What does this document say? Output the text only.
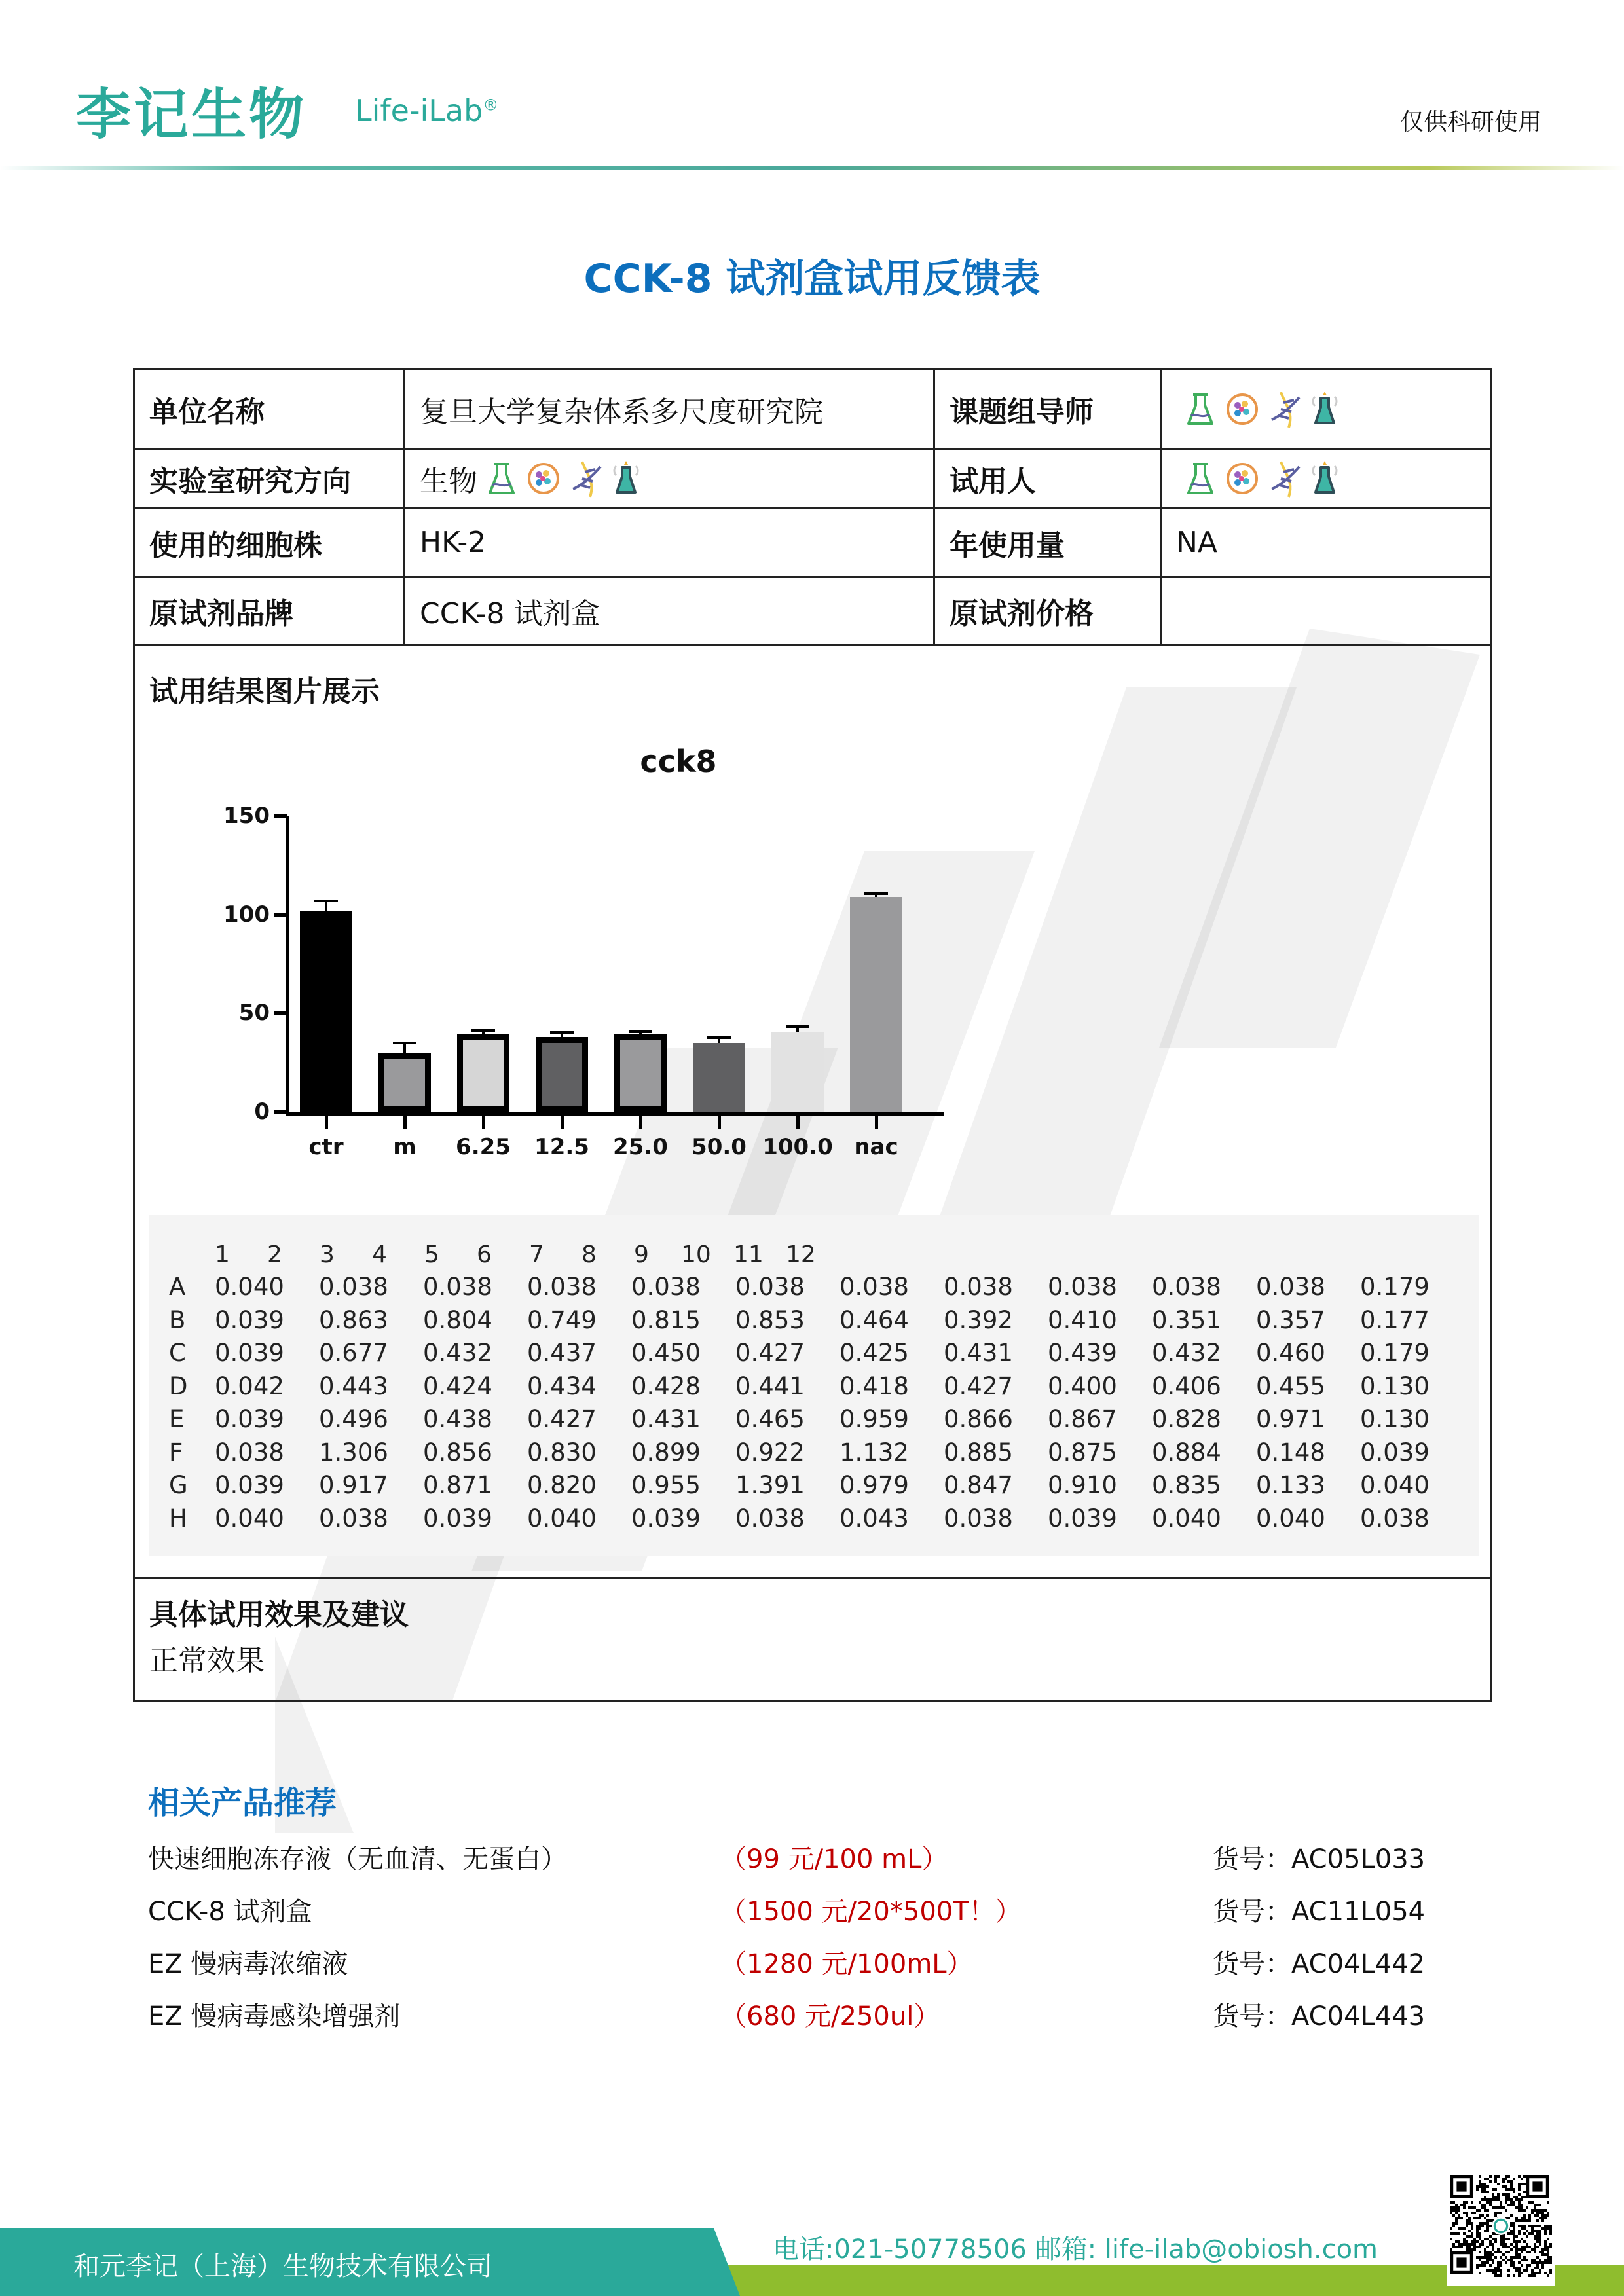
李记生物 Life-iLab®
仅供科研使用
CCK-8 试剂盒试用反馈表
单位名称	复旦大学复杂体系多尺度研究院	课题组导师
实验室研究方向	生物	试用人
使用的细胞株	HK-2	年使用量	NA
原试剂品牌	CCK-8 试剂盒	原试剂价格
试用结果图片展示
cck8
0
50
100
150
ctr m 6.25 12.5 25.0 50.0 100.0 nac
1 2 3 4 5 6 7 8 9 10 11 12
A 0.040 0.038 0.038 0.038 0.038 0.038 0.038 0.038 0.038 0.038 0.038 0.179
B 0.039 0.863 0.804 0.749 0.815 0.853 0.464 0.392 0.410 0.351 0.357 0.177
C 0.039 0.677 0.432 0.437 0.450 0.427 0.425 0.431 0.439 0.432 0.460 0.179
D 0.042 0.443 0.424 0.434 0.428 0.441 0.418 0.427 0.400 0.406 0.455 0.130
E 0.039 0.496 0.438 0.427 0.431 0.465 0.959 0.866 0.867 0.828 0.971 0.130
F 0.038 1.306 0.856 0.830 0.899 0.922 1.132 0.885 0.875 0.884 0.148 0.039
G 0.039 0.917 0.871 0.820 0.955 1.391 0.979 0.847 0.910 0.835 0.133 0.040
H 0.040 0.038 0.039 0.040 0.039 0.038 0.043 0.038 0.039 0.040 0.040 0.038
具体试用效果及建议
正常效果
相关产品推荐
快速细胞冻存液（无血清、无蛋白）	（99 元/100 mL）	货号：AC05L033
CCK-8 试剂盒	（1500 元/20*500T！）	货号：AC11L054
EZ 慢病毒浓缩液	（1280 元/100mL）	货号：AC04L442
EZ 慢病毒感染增强剂	（680 元/250ul）	货号：AC04L443
和元李记（上海）生物技术有限公司
电话:021-50778506 邮箱: life-ilab@obiosh.com
